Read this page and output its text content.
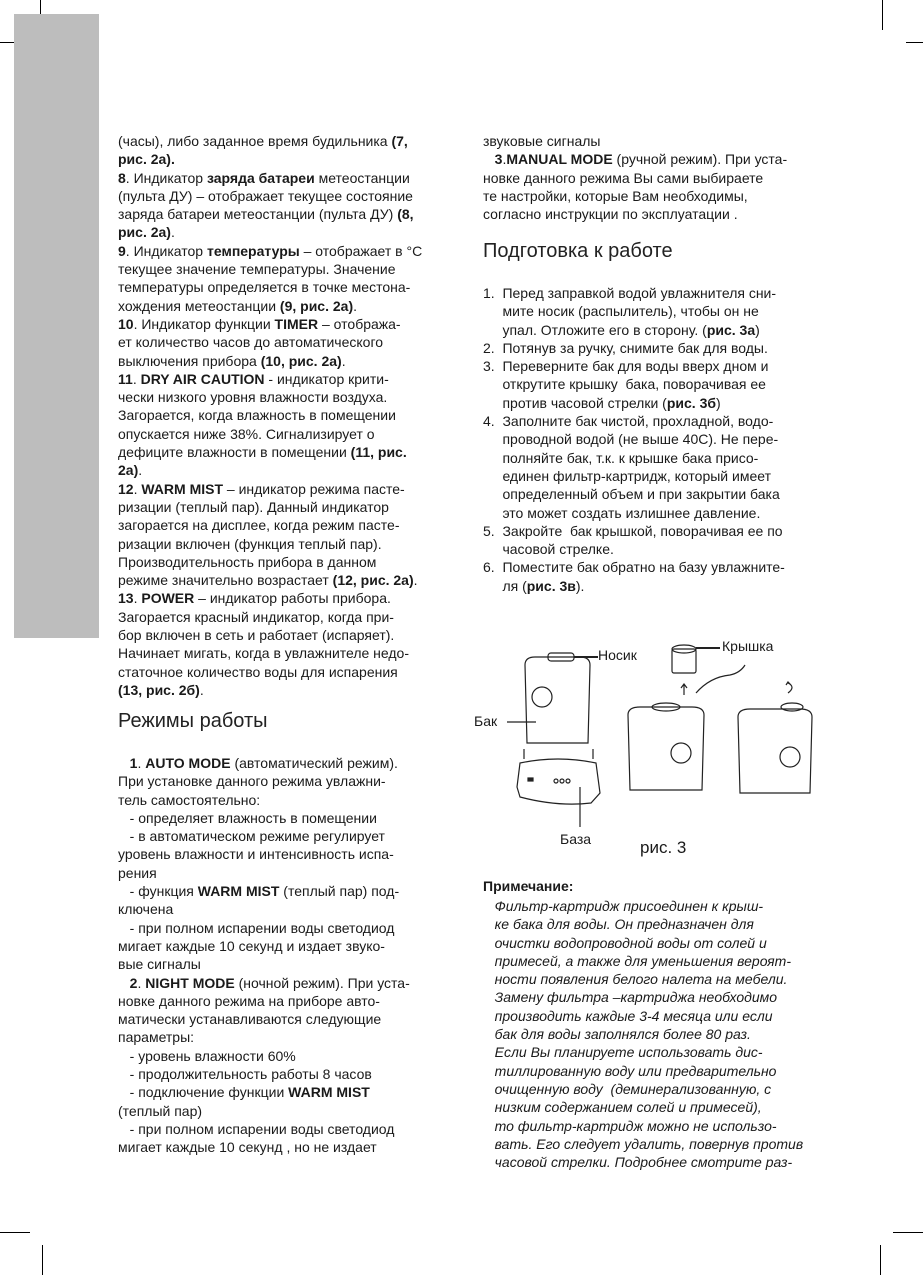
(часы), либо заданное время будильника (7,
рис. 2а).
8. Индикатор заряда батареи метеостанции
(пульта ДУ) – отображает текущее состояние
заряда батареи метеостанции (пульта ДУ) (8,
рис. 2а).
9. Индикатор температуры – отображает в °С
текущее значение температуры. Значение
температуры определяется в точке местона-
хождения метеостанции (9, рис. 2а).
10. Индикатор функции TIMER – отобража-
ет количество часов до автоматического
выключения прибора (10, рис. 2а).
11. DRY AIR CAUTION - индикатор крити-
чески низкого уровня влажности воздуха.
Загорается, когда влажность в помещении
опускается ниже 38%. Сигнализирует о
дефиците влажности в помещении (11, рис.
2а).
12. WARM MIST – индикатор режима пасте-
ризации (теплый пар). Данный индикатор
загорается на дисплее, когда режим пасте-
ризации включен (функция теплый пар).
Производительность прибора в данном
режиме значительно возрастает (12, рис. 2а).
13. POWER – индикатор работы прибора.
Загорается красный индикатор, когда при-
бор включен в сеть и работает (испаряет).
Начинает мигать, когда в увлажнителе недо-
статочное количество воды для испарения
(13, рис. 2б).
Режимы работы
1. AUTO MODE (автоматический режим).
При установке данного режима увлажни-
тель самостоятельно:
- определяет влажность в помещении
- в автоматическом режиме регулирует
уровень влажности и интенсивность испа-
рения
- функция WARM MIST (теплый пар) под-
ключена
- при полном испарении воды светодиод
мигает каждые 10 секунд и издает звуко-
вые сигналы
2. NIGHT MODE (ночной режим). При уста-
новке данного режима на приборе авто-
матически устанавливаются следующие
параметры:
- уровень влажности 60%
- продолжительность работы 8 часов
- подключение функции WARM MIST
(теплый пар)
- при полном испарении воды светодиод
мигает каждые 10 секунд , но не издает
звуковые сигналы
3.MANUAL MODE (ручной режим). При уста-
новке данного режима Вы сами выбираете
те настройки, которые Вам необходимы,
согласно инструкции по эксплуатации .
Подготовка к работе
1.  Перед заправкой водой увлажнителя сни-
мите носик (распылитель), чтобы он не
упал. Отложите его в сторону. (рис. 3а)
2.  Потянув за ручку, снимите бак для воды.
3.  Переверните бак для воды вверх дном и
открутите крышку  бака, поворачивая ее
против часовой стрелки (рис. 3б)
4.  Заполните бак чистой, прохладной, водо-
проводной водой (не выше 40С). Не пере-
полняйте бак, т.к. к крышке бака присо-
единен фильтр-картридж, который имеет
определенный объем и при закрытии бака
это может создать излишнее давление.
5.  Закройте  бак крышкой, поворачивая ее по
часовой стрелке.
6.  Поместите бак обратно на базу увлажните-
ля (рис. 3в).
Носик
Крышка
Бак
База	рис. 3
Примечание:
Фильтр-картридж присоединен к крыш-
ке бака для воды. Он предназначен для
очистки водопроводной воды от солей и
примесей, а также для уменьшения вероят-
ности появления белого налета на мебели.
Замену фильтра –картриджа необходимо
производить каждые 3-4 месяца или если
бак для воды заполнялся более 80 раз.
Если Вы планируете использовать дис-
тиллированную воду или предварительно
очищенную воду  (деминерализованную, с
низким содержанием солей и примесей),
то фильтр-картридж можно не использо-
вать. Его следует удалить, повернув против
часовой стрелки. Подробнее смотрите раз-
